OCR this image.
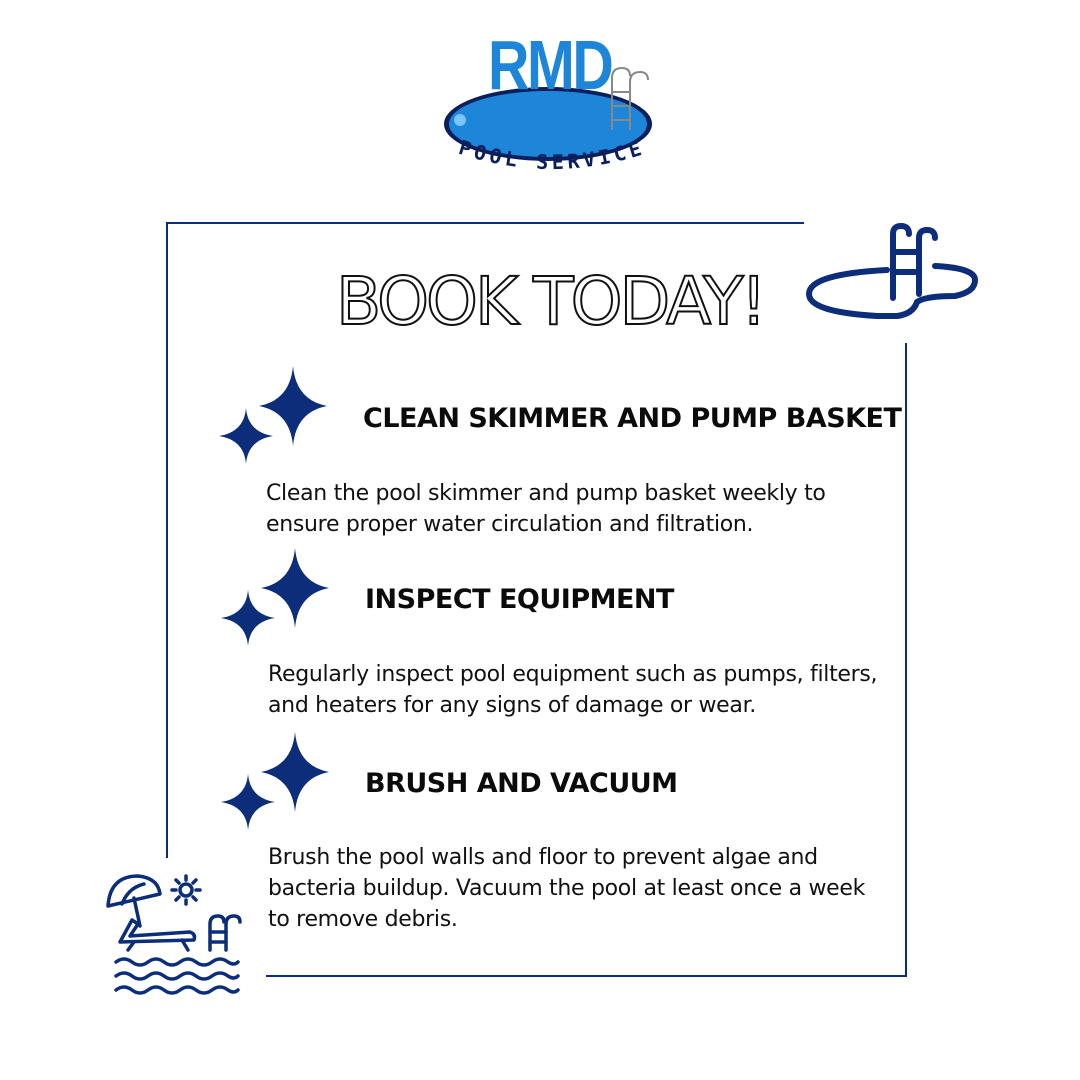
RMD
POOL SERVICE
BOOK TODAY!
CLEAN SKIMMER AND PUMP BASKET
Clean the pool skimmer and pump basket weekly to ensure proper water circulation and filtration.
INSPECT EQUIPMENT
Regularly inspect pool equipment such as pumps, filters, and heaters for any signs of damage or wear.
BRUSH AND VACUUM
Brush the pool walls and floor to prevent algae and bacteria buildup. Vacuum the pool at least once a week to remove debris.
